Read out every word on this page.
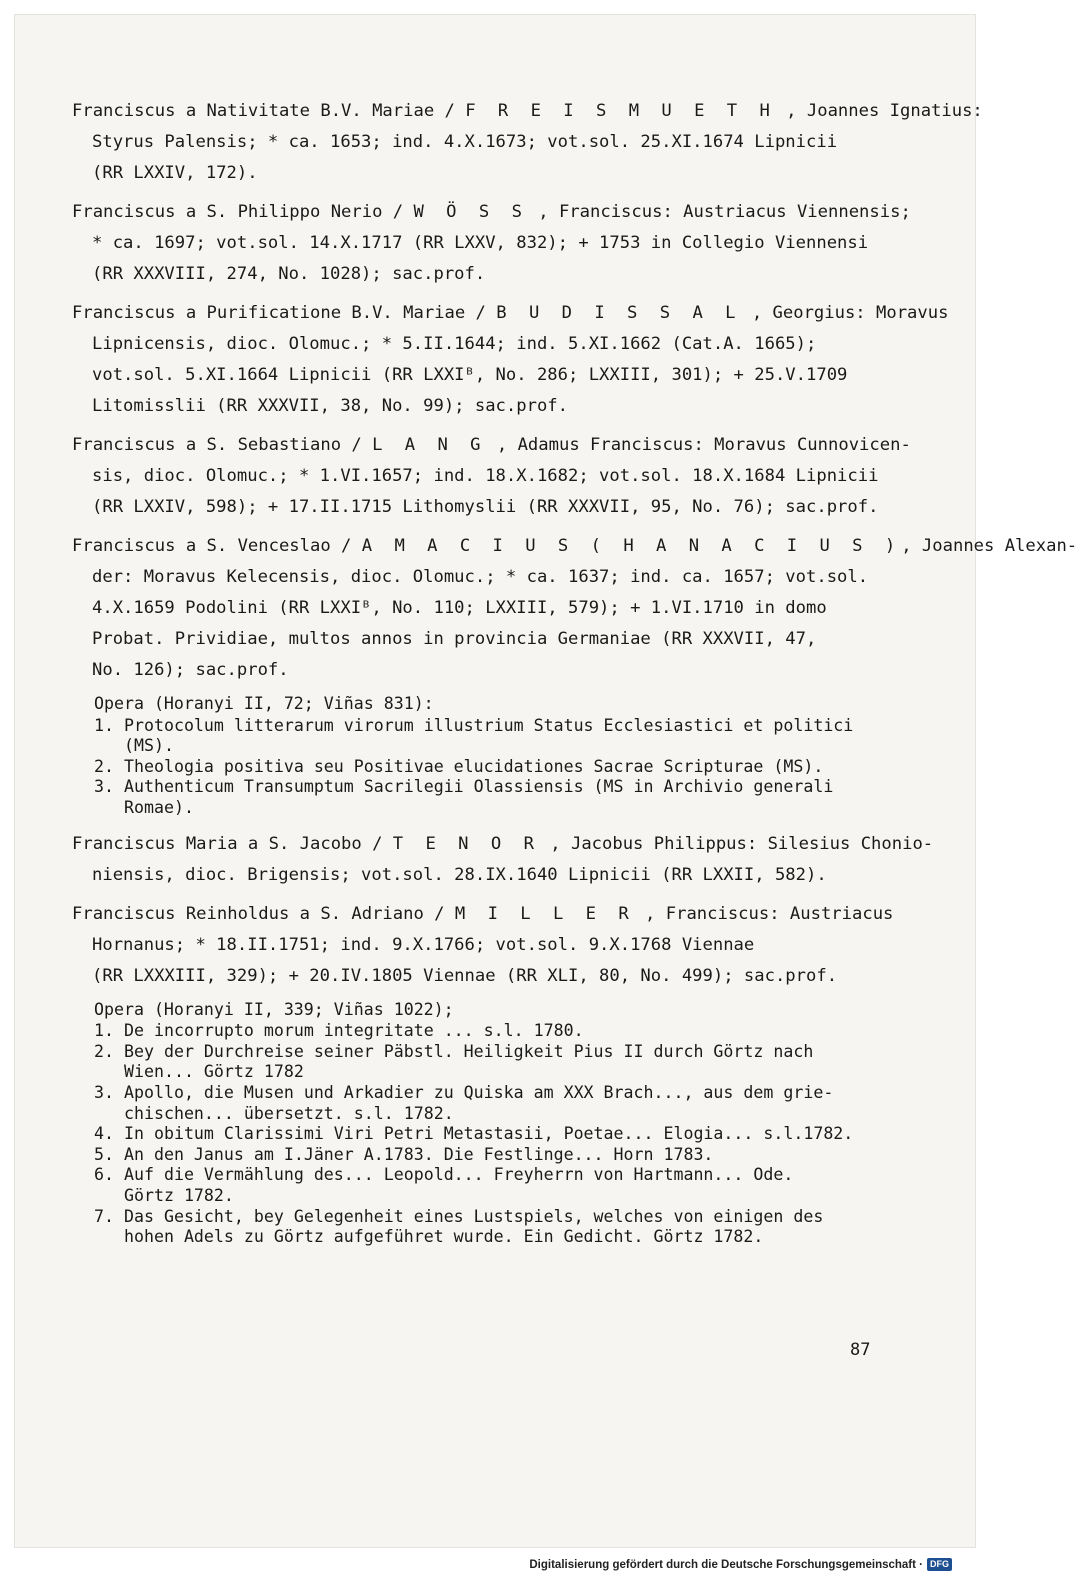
Franciscus a Nativitate B.V. Mariae / F R E I S M U E T H , Joannes Ignatius:
Styrus Palensis; * ca. 1653; ind. 4.X.1673; vot.sol. 25.XI.1674 Lipnicii
(RR LXXIV, 172).
Franciscus a S. Philippo Nerio / W Ö S S , Franciscus: Austriacus Viennensis;
* ca. 1697; vot.sol. 14.X.1717 (RR LXXV, 832); + 1753 in Collegio Viennensi
(RR XXXVIII, 274, No. 1028); sac.prof.
Franciscus a Purificatione B.V. Mariae / B U D I S S A L , Georgius: Moravus
Lipnicensis, dioc. Olomuc.; * 5.II.1644; ind. 5.XI.1662 (Cat.A. 1665);
vot.sol. 5.XI.1664 Lipnicii (RR LXXIᴮ, No. 286; LXXIII, 301); + 25.V.1709
Litomisslii (RR XXXVII, 38, No. 99); sac.prof.
Franciscus a S. Sebastiano / L A N G , Adamus Franciscus: Moravus Cunnovicen-
sis, dioc. Olomuc.; * 1.VI.1657; ind. 18.X.1682; vot.sol. 18.X.1684 Lipnicii
(RR LXXIV, 598); + 17.II.1715 Lithomyslii (RR XXXVII, 95, No. 76); sac.prof.
Franciscus a S. Venceslao / A M A C I U S ( H A N A C I U S ), Joannes Alexan-
der: Moravus Kelecensis, dioc. Olomuc.; * ca. 1637; ind. ca. 1657; vot.sol.
4.X.1659 Podolini (RR LXXIᴮ, No. 110; LXXIII, 579); + 1.VI.1710 in domo
Probat. Prividiae, multos annos in provincia Germaniae (RR XXXVII, 47,
No. 126); sac.prof.
Opera (Horanyi II, 72; Viñas 831):
1. Protocolum litterarum virorum illustrium Status Ecclesiastici et politici
(MS).
2. Theologia positiva seu Positivae elucidationes Sacrae Scripturae (MS).
3. Authenticum Transumptum Sacrilegii Olassiensis (MS in Archivio generali
Romae).
Franciscus Maria a S. Jacobo / T E N O R , Jacobus Philippus: Silesius Chonio-
niensis, dioc. Brigensis; vot.sol. 28.IX.1640 Lipnicii (RR LXXII, 582).
Franciscus Reinholdus a S. Adriano / M I L L E R , Franciscus: Austriacus
Hornanus; * 18.II.1751; ind. 9.X.1766; vot.sol. 9.X.1768 Viennae
(RR LXXXIII, 329); + 20.IV.1805 Viennae (RR XLI, 80, No. 499); sac.prof.
Opera (Horanyi II, 339; Viñas 1022);
1. De incorrupto morum integritate ... s.l. 1780.
2. Bey der Durchreise seiner Päbstl. Heiligkeit Pius II durch Görtz nach
Wien... Görtz 1782
3. Apollo, die Musen und Arkadier zu Quiska am XXX Brach..., aus dem grie-
chischen... übersetzt. s.l. 1782.
4. In obitum Clarissimi Viri Petri Metastasii, Poetae... Elogia... s.l.1782.
5. An den Janus am I.Jäner A.1783. Die Festlinge... Horn 1783.
6. Auf die Vermählung des... Leopold... Freyherrn von Hartmann... Ode.
Görtz 1782.
7. Das Gesicht, bey Gelegenheit eines Lustspiels, welches von einigen des
hohen Adels zu Görtz aufgeführet wurde. Ein Gedicht. Görtz 1782.
87
Digitalisierung gefördert durch die Deutsche Forschungsgemeinschaft · DFG
